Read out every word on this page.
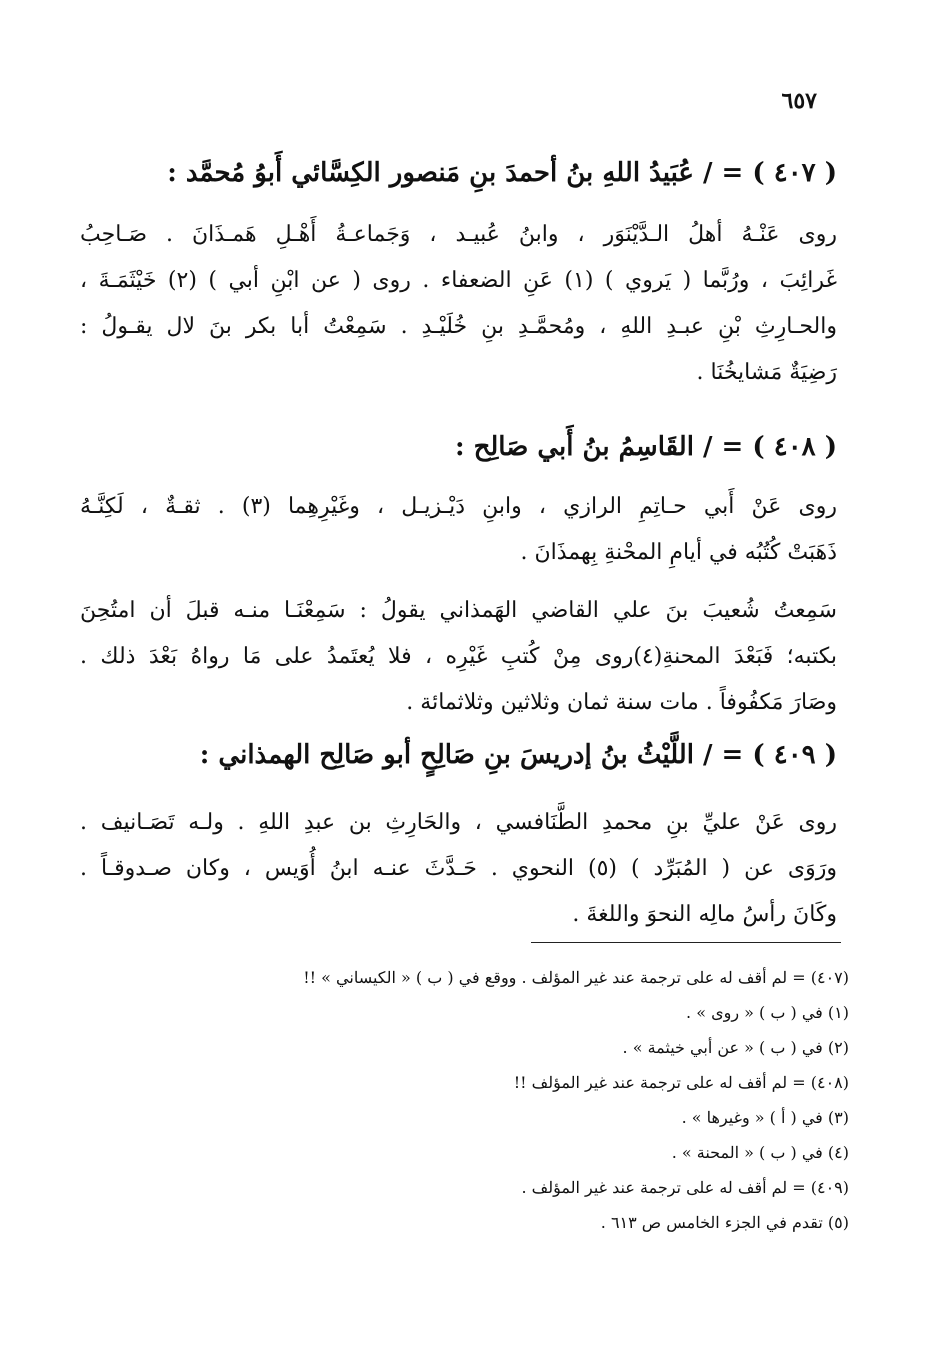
٦٥٧
( ٤٠٧ ) = / عُبَيدُ اللهِ بنُ أحمدَ بنِ مَنصور الكِسَّائي أَبوُ مُحمَّد :
روى عَنْـهُ أهلُ الـدَّيْنَوَر ، وابنُ عُبيـد ، وَجَماعـةُ أَهْـلِ هَمـذَانَ . صَـاحِبُ
غَرائِبَ ، ورُبَّما ( يَروي ) (١) عَنِ الضعفاء . روى ( عن ابْنِ أبي ) (٢) خَيْثَمَـةَ ،
والحـارِثِ بْنِ عبـدِ اللهِ ، ومُحمَّـدِ بنِ خُلَيْـدِ . سَمِعْتُ أبا بكر بنَ لال يقـولُ :
رَضِيَةٌ مَشايخُنَا .
( ٤٠٨ ) = / القَاسِمُ بنُ أَبي صَالِح :
روى عَنْ أَبي حـاتِمِ الرازي ، وابنِ دَيْـزيـل ، وغَيْرِهِما (٣) . ثقـةٌ ، لَكِنَّـهُ
ذَهَبَتْ كُتُبُه في أيامِ المحْنةِ بِهمذَانَ .
سَمِعتُ شُعيبَ بنَ علي القاضي الهَمذاني يقولُ : سَمِعْنَـا منـه قبلَ أن امتُحِنَ
بكتبه؛ فَبَعْدَ المحنةِ(٤)روى مِنْ كُتبِ غَيْرِه ، فلا يُعتَمدُ على مَا رواهُ بَعْدَ ذلك .
وصَارَ مَكفُوفاً . مات سنة ثمان وثلاثين وثلاثمائة .
( ٤٠٩ ) = / اللَّيْثُ بنُ إدريسَ بنِ صَالِحٍ أبو صَالِح الهمذاني :
روى عَنْ عليِّ بنِ محمدِ الطَّنَافسي ، والحَارِثِ بن عبدِ اللهِ . ولـه تَصَـانيف .
ورَوَى عن ( المُبَرِّد ) (٥) النحوي . حَـدَّثَ عنـه ابنُ أُوَيس ، وكان صـدوقـاً .
وكَانَ رأسُ مالِه النحوَ واللغةَ .
(٤٠٧) = لم أقف له على ترجمة عند غير المؤلف . ووقع في ( ب ) « الكيساني » !!
(١) في ( ب ) « روى » .
(٢) في ( ب ) « عن أبي خيثمة » .
(٤٠٨) = لم أقف له على ترجمة عند غير المؤلف !!
(٣) في ( أ ) « وغيرها » .
(٤) في ( ب ) « المحنة » .
(٤٠٩) = لم أقف له على ترجمة عند غير المؤلف .
(٥) تقدم في الجزء الخامس ص ٦١٣ .
